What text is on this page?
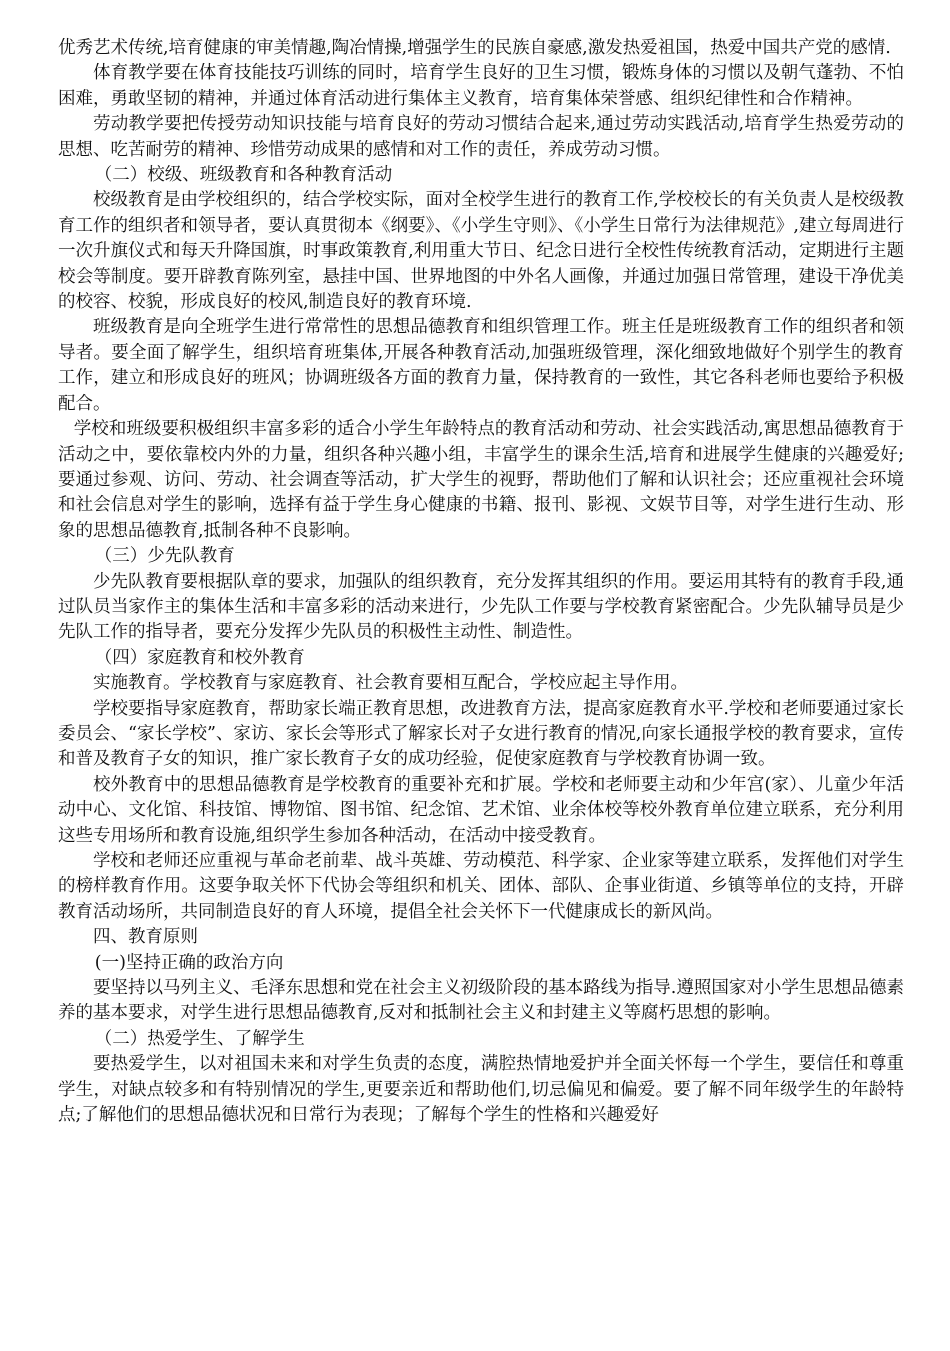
优秀艺术传统,培育健康的审美情趣,陶冶情操,增强学生的民族自豪感,激发热爱祖国，热爱中国共产党的感情.

体育教学要在体育技能技巧训练的同时，培育学生良好的卫生习惯，锻炼身体的习惯以及朝气蓬勃、不怕困难，勇敢坚韧的精神，并通过体育活动进行集体主义教育，培育集体荣誉感、组织纪律性和合作精神。

劳动教学要把传授劳动知识技能与培育良好的劳动习惯结合起来,通过劳动实践活动,培育学生热爱劳动的思想、吃苦耐劳的精神、珍惜劳动成果的感情和对工作的责任，养成劳动习惯。

（二）校级、班级教育和各种教育活动

校级教育是由学校组织的，结合学校实际，面对全校学生进行的教育工作,学校校长的有关负责人是校级教育工作的组织者和领导者，要认真贯彻本《纲要》、《小学生守则》、《小学生日常行为法律规范》,建立每周进行一次升旗仪式和每天升降国旗，时事政策教育,利用重大节日、纪念日进行全校性传统教育活动，定期进行主题校会等制度。要开辟教育陈列室，悬挂中国、世界地图的中外名人画像，并通过加强日常管理，建设干净优美的校容、校貌，形成良好的校风,制造良好的教育环境.

班级教育是向全班学生进行常常性的思想品德教育和组织管理工作。班主任是班级教育工作的组织者和领导者。要全面了解学生，组织培育班集体,开展各种教育活动,加强班级管理，深化细致地做好个别学生的教育工作，建立和形成良好的班风；协调班级各方面的教育力量，保持教育的一致性，其它各科老师也要给予积极配合。

学校和班级要积极组织丰富多彩的适合小学生年龄特点的教育活动和劳动、社会实践活动,寓思想品德教育于活动之中，要依靠校内外的力量，组织各种兴趣小组，丰富学生的课余生活,培育和进展学生健康的兴趣爱好;要通过参观、访问、劳动、社会调查等活动，扩大学生的视野，帮助他们了解和认识社会；还应重视社会环境和社会信息对学生的影响，选择有益于学生身心健康的书籍、报刊、影视、文娱节目等，对学生进行生动、形象的思想品德教育,抵制各种不良影响。

（三）少先队教育

少先队教育要根据队章的要求，加强队的组织教育，充分发挥其组织的作用。要运用其特有的教育手段,通过队员当家作主的集体生活和丰富多彩的活动来进行，少先队工作要与学校教育紧密配合。少先队辅导员是少先队工作的指导者，要充分发挥少先队员的积极性主动性、制造性。

（四）家庭教育和校外教育

实施教育。学校教育与家庭教育、社会教育要相互配合，学校应起主导作用。

学校要指导家庭教育，帮助家长端正教育思想，改进教育方法，提高家庭教育水平.学校和老师要通过家长委员会、“家长学校”、家访、家长会等形式了解家长对子女进行教育的情况,向家长通报学校的教育要求，宣传和普及教育子女的知识，推广家长教育子女的成功经验，促使家庭教育与学校教育协调一致。

校外教育中的思想品德教育是学校教育的重要补充和扩展。学校和老师要主动和少年宫(家）、儿童少年活动中心、文化馆、科技馆、博物馆、图书馆、纪念馆、艺术馆、业余体校等校外教育单位建立联系，充分利用这些专用场所和教育设施,组织学生参加各种活动，在活动中接受教育。

学校和老师还应重视与革命老前辈、战斗英雄、劳动模范、科学家、企业家等建立联系，发挥他们对学生的榜样教育作用。这要争取关怀下代协会等组织和机关、团体、部队、企事业街道、乡镇等单位的支持，开辟教育活动场所，共同制造良好的育人环境，提倡全社会关怀下一代健康成长的新风尚。

四、教育原则

(一)坚持正确的政治方向

要坚持以马列主义、毛泽东思想和党在社会主义初级阶段的基本路线为指导.遵照国家对小学生思想品德素养的基本要求，对学生进行思想品德教育,反对和抵制社会主义和封建主义等腐朽思想的影响。

（二）热爱学生、了解学生

要热爱学生，以对祖国未来和对学生负责的态度，满腔热情地爱护并全面关怀每一个学生，要信任和尊重学生，对缺点较多和有特别情况的学生,更要亲近和帮助他们,切忌偏见和偏爱。要了解不同年级学生的年龄特点;了解他们的思想品德状况和日常行为表现；了解每个学生的性格和兴趣爱好
